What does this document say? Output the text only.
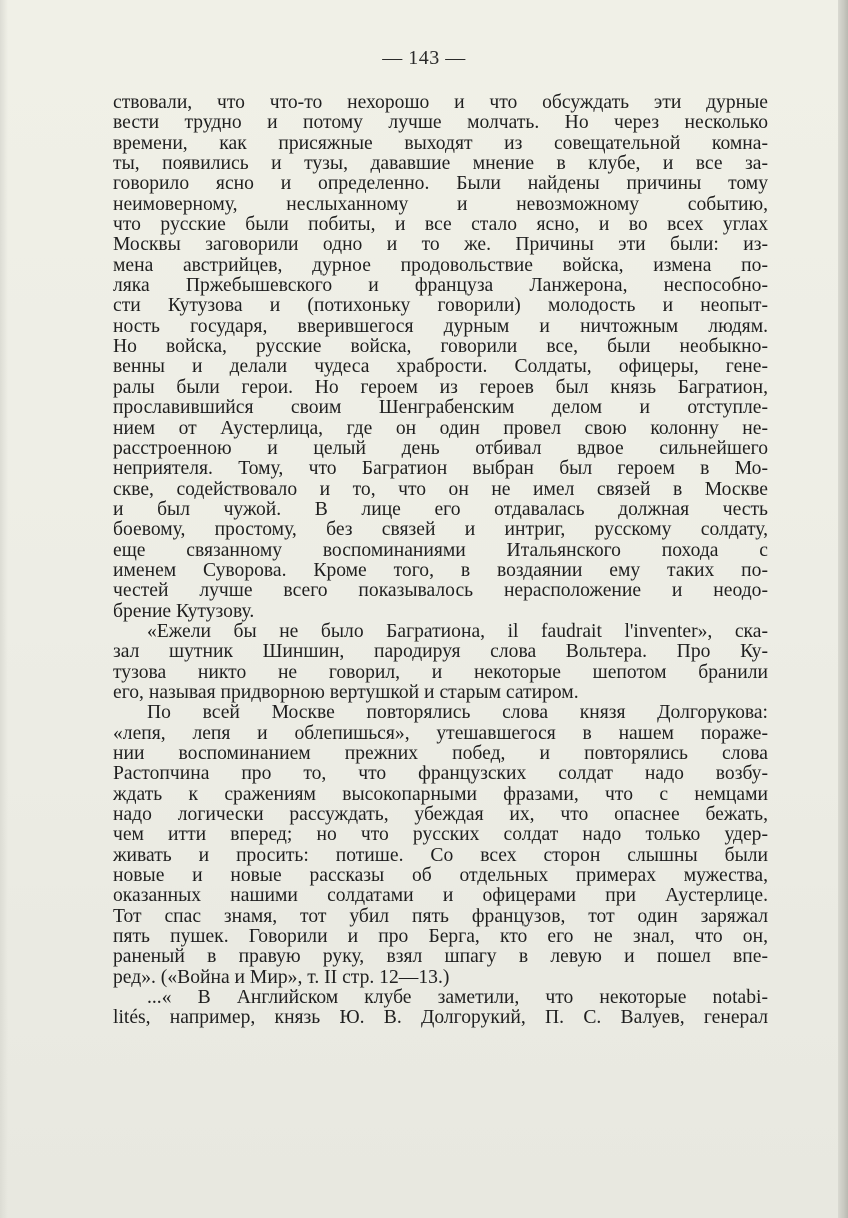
— 143 —
ствовали, что что-то нехорошо и что обсуждать эти дурные
вести трудно и потому лучше молчать. Но через несколько
времени, как присяжные выходят из совещательной комна-
ты, появились и тузы, дававшие мнение в клубе, и все за-
говорило ясно и определенно. Были найдены причины тому
неимоверному, неслыханному и невозможному событию,
что русские были побиты, и все стало ясно, и во всех углах
Москвы заговорили одно и то же. Причины эти были: из-
мена австрийцев, дурное продовольствие войска, измена по-
ляка Пржебышевского и француза Ланжерона, неспособно-
сти Кутузова и (потихоньку говорили) молодость и неопыт-
ность государя, вверившегося дурным и ничтожным людям.
Но войска, русские войска, говорили все, были необыкно-
венны и делали чудеса храбрости. Солдаты, офицеры, гене-
ралы были герои. Но героем из героев был князь Багратион,
прославившийся своим Шенграбенским делом и отступле-
нием от Аустерлица, где он один провел свою колонну не-
расстроенною и целый день отбивал вдвое сильнейшего
неприятеля. Тому, что Багратион выбран был героем в Мо-
скве, содействовало и то, что он не имел связей в Москве
и был чужой. В лице его отдавалась должная честь
боевому, простому, без связей и интриг, русскому солдату,
еще связанному воспоминаниями Итальянского похода с
именем Суворова. Кроме того, в воздаянии ему таких по-
честей лучше всего показывалось нерасположение и неодо-
брение Кутузову.
«Ежели бы не было Багратиона, il faudrait l'inventer», ска-
зал шутник Шиншин, пародируя слова Вольтера. Про Ку-
тузова никто не говорил, и некоторые шепотом бранили
его, называя придворною вертушкой и старым сатиром.
По всей Москве повторялись слова князя Долгорукова:
«лепя, лепя и облепишься», утешавшегося в нашем пораже-
нии воспоминанием прежних побед, и повторялись слова
Растопчина про то, что французских солдат надо возбу-
ждать к сражениям высокопарными фразами, что с немцами
надо логически рассуждать, убеждая их, что опаснее бежать,
чем итти вперед; но что русских солдат надо только удер-
живать и просить: потише. Со всех сторон слышны были
новые и новые рассказы об отдельных примерах мужества,
оказанных нашими солдатами и офицерами при Аустерлице.
Тот спас знамя, тот убил пять французов, тот один заряжал
пять пушек. Говорили и про Берга, кто его не знал, что он,
раненый в правую руку, взял шпагу в левую и пошел впе-
ред». («Война и Мир», т. II стр. 12—13.)
...« В Английском клубе заметили, что некоторые notabi-
lités, например, князь Ю. В. Долгорукий, П. С. Валуев, генерал
